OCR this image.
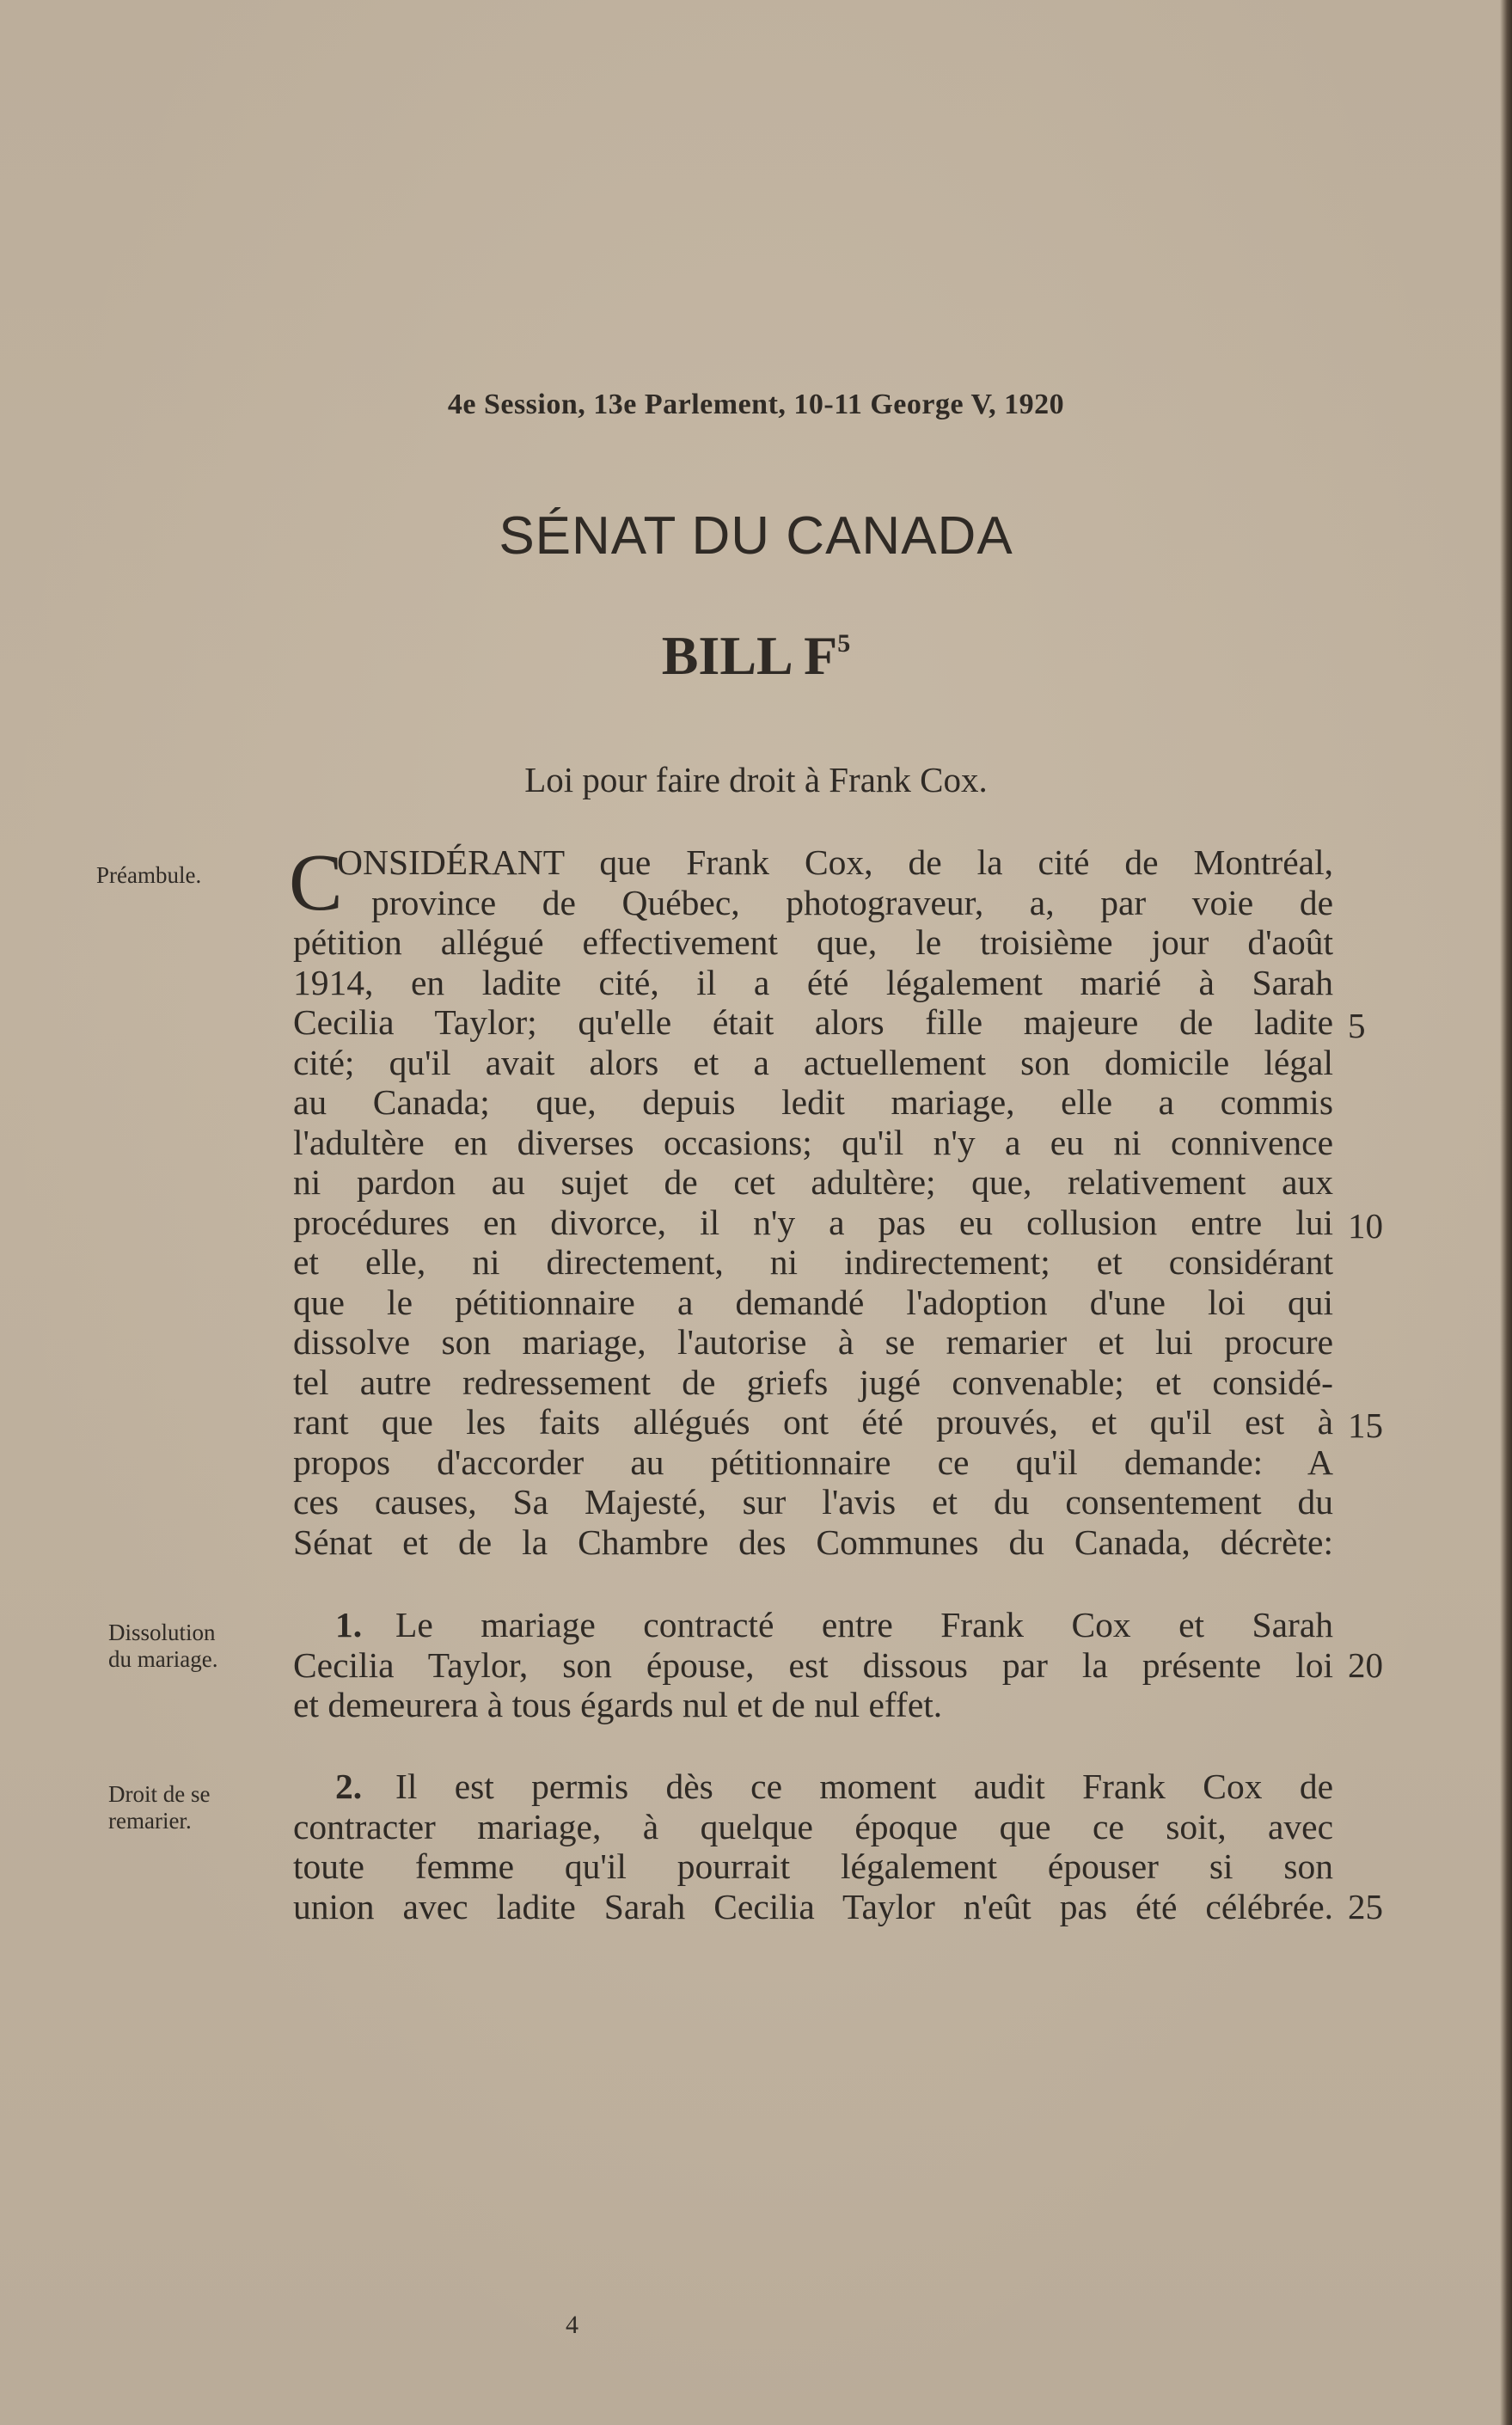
4e Session, 13e Parlement, 10-11 George V, 1920
SÉNAT DU CANADA
BILL $F^5$
Loi pour faire droit à Frank Cox.
Préambule.
Dissolution
du mariage.
Droit de se
remarier.
C
ONSIDÉRANT que Frank Cox, de la cité de Montréal,
province de Québec, photograveur, a, par voie de
pétition allégué effectivement que, le troisième jour d'août
1914, en ladite cité, il a été légalement marié à Sarah
Cecilia Taylor; qu'elle était alors fille majeure de ladite
cité; qu'il avait alors et a actuellement son domicile légal
au Canada; que, depuis ledit mariage, elle a commis
l'adultère en diverses occasions; qu'il n'y a eu ni connivence
ni pardon au sujet de cet adultère; que, relativement aux
procédures en divorce, il n'y a pas eu collusion entre lui
et elle, ni directement, ni indirectement; et considérant
que le pétitionnaire a demandé l'adoption d'une loi qui
dissolve son mariage, l'autorise à se remarier et lui procure
tel autre redressement de griefs jugé convenable; et considé-
rant que les faits allégués ont été prouvés, et qu'il est à
propos d'accorder au pétitionnaire ce qu'il demande: A
ces causes, Sa Majesté, sur l'avis et du consentement du
Sénat et de la Chambre des Communes du Canada, décrète:
1. Le mariage contracté entre Frank Cox et Sarah
Cecilia Taylor, son épouse, est dissous par la présente loi
et demeurera à tous égards nul et de nul effet.
2. Il est permis dès ce moment audit Frank Cox de
contracter mariage, à quelque époque que ce soit, avec
toute femme qu'il pourrait légalement épouser si son
union avec ladite Sarah Cecilia Taylor n'eût pas été célébrée.
5
10
15
20
25
4
